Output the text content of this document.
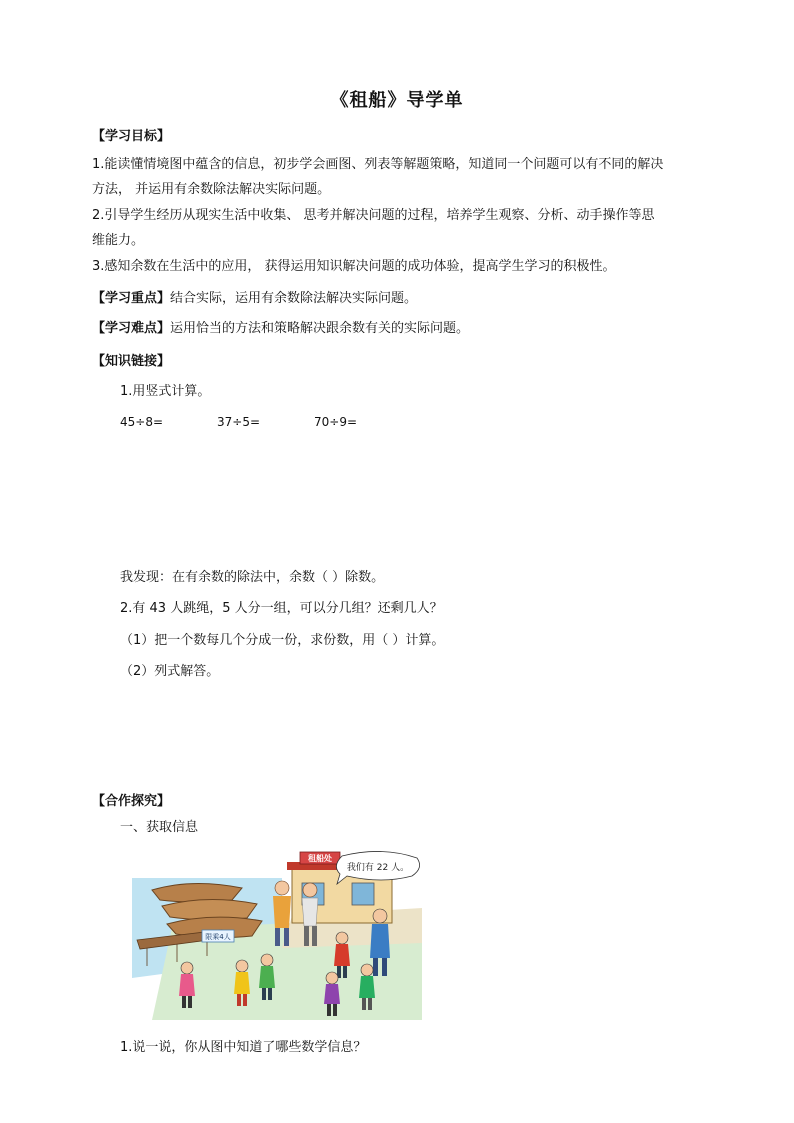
《租船》导学单
【学习目标】
1.能读懂情境图中蕴含的信息，初步学会画图、列表等解题策略，知道同一个问题可以有不同的解决
方法， 并运用有余数除法解决实际问题。
2.引导学生经历从现实生活中收集、 思考并解决问题的过程，培养学生观察、分析、动手操作等思
维能力。
3.感知余数在生活中的应用， 获得运用知识解决问题的成功体验，提高学生学习的积极性。
【学习重点】结合实际，运用有余数除法解决实际问题。
【学习难点】运用恰当的方法和策略解决跟余数有关的实际问题。
【知识链接】
1.用竖式计算。
45÷8=	37÷5=	70÷9=
我发现：在有余数的除法中，余数（ ）除数。
2.有 43 人跳绳，5 人分一组，可以分几组？还剩几人？
（1）把一个数每几个分成一份，求份数，用（ ）计算。
（2）列式解答。
【合作探究】
一、获取信息
限乘4人
租船处
我们有 22 人。
1.说一说，你从图中知道了哪些数学信息？
